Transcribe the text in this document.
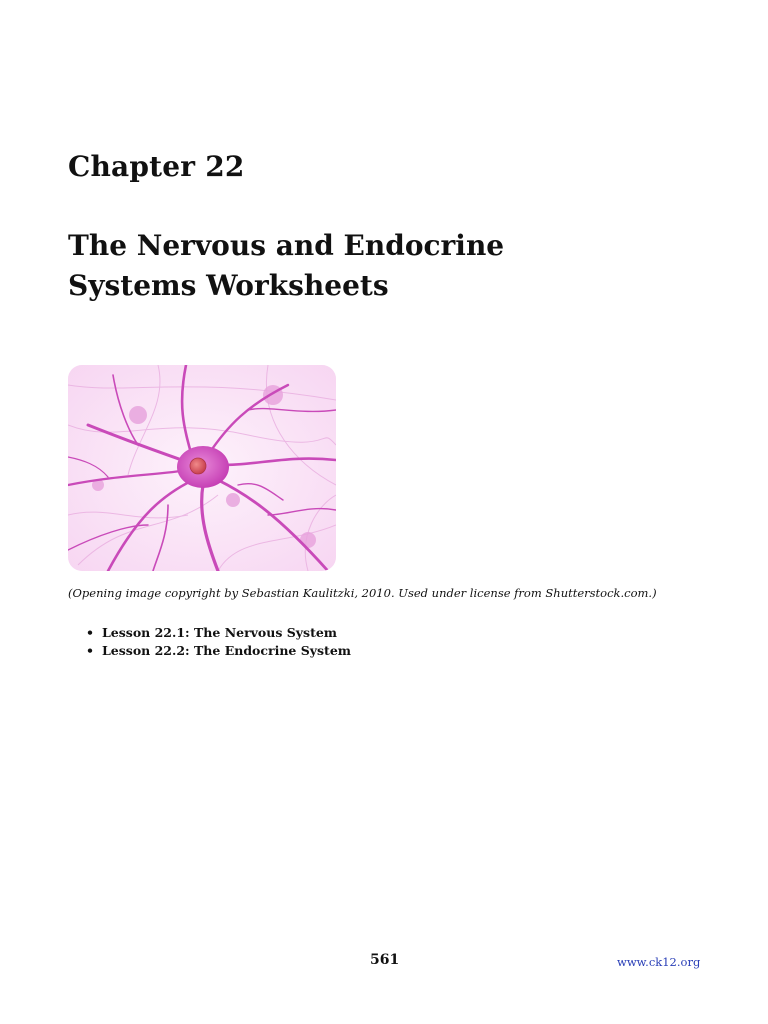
Chapter 22
The Nervous and Endocrine
Systems Worksheets

(Opening image copyright by Sebastian Kaulitzki, 2010. Used under license from Shutterstock.com.)

• Lesson 22.1: The Nervous System
• Lesson 22.2: The Endocrine System
561	www.ck12.org
